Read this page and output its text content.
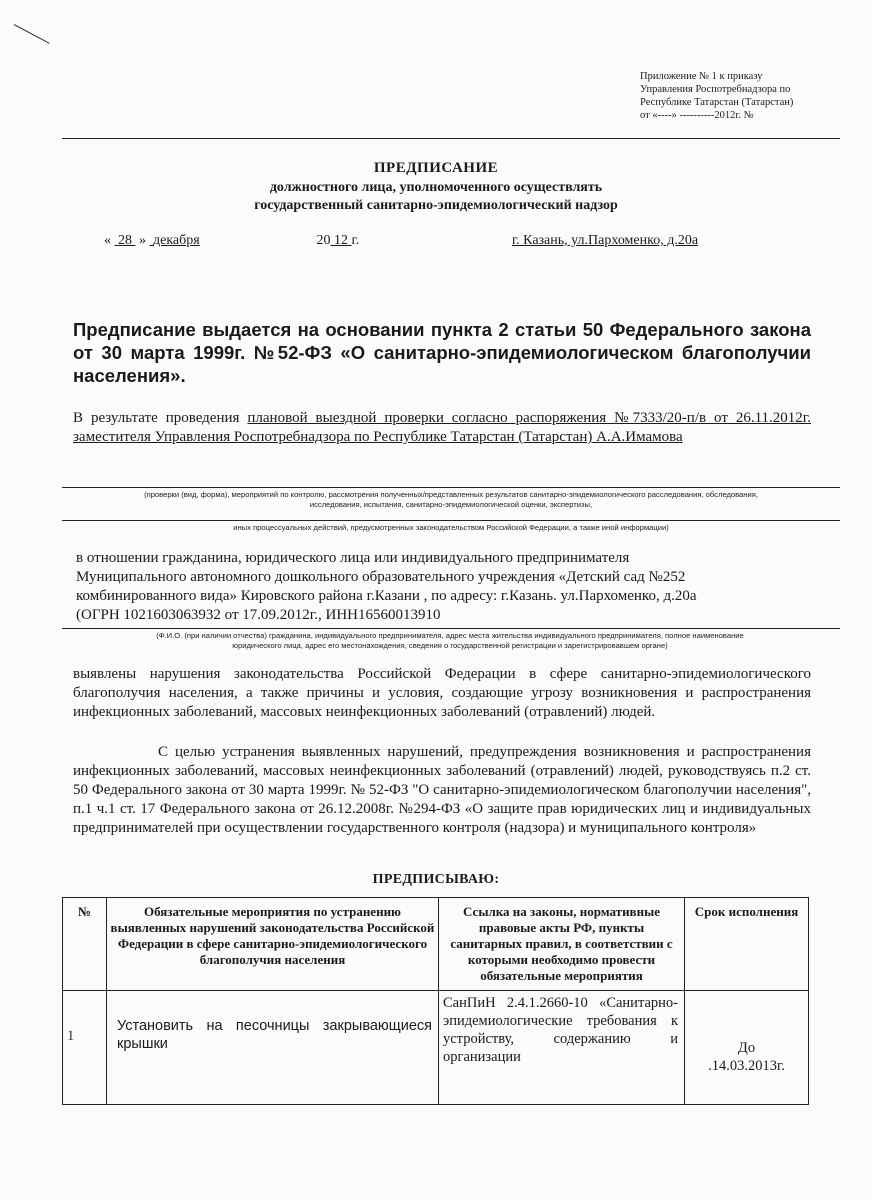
Приложение № 1 к приказу
Управления Роспотребнадзора по
Республике Татарстан (Татарстан)
от «----» ----------2012г. №
ПРЕДПИСАНИЕ
должностного лица, уполномоченного осуществлять
государственный санитарно-эпидемиологический надзор
« 28 » декабря	20 12 г.	г. Казань, ул.Пархоменко, д.20а
Предписание выдается на основании пункта 2 статьи 50 Федерального закона от 30 марта 1999г. №52-ФЗ «О санитарно-эпидемиологическом благополучии населения».
В результате проведения плановой выездной проверки согласно распоряжения №7333/20-п/в от 26.11.2012г. заместителя Управления Роспотребнадзора по Республике Татарстан (Татарстан) А.А.Имамова
(проверки (вид, форма), мероприятий по контролю, рассмотрения полученных/представленных результатов санитарно-эпидемиологического расследования, обследования,
исследования, испытания, санитарно-эпидемиологической оценки, экспертизы,
иных процессуальных действий, предусмотренных законодательством Российской Федерации, а также иной информации)
в отношении гражданина, юридического лица или индивидуального предпринимателя
Муниципального автономного дошкольного образовательного учреждения «Детский сад №252
комбинированного вида» Кировского района г.Казани , по адресу: г.Казань. ул.Пархоменко, д.20а
(ОГРН 1021603063932 от 17.09.2012г., ИНН16560013910
(Ф.И.О. (при наличии отчества) гражданина, индивидуального предпринимателя, адрес места жительства индивидуального предпринимателя, полное наименование
юридического лица, адрес его местонахождения, сведения о государственной регистрации и зарегистрировавшем органе)
выявлены нарушения законодательства Российской Федерации в сфере санитарно-эпидемиологического благополучия населения, а также причины и условия, создающие угрозу возникновения и распространения инфекционных заболеваний, массовых неинфекционных заболеваний (отравлений) людей.
С целью устранения выявленных нарушений, предупреждения возникновения и распространения инфекционных заболеваний, массовых неинфекционных заболеваний (отравлений) людей, руководствуясь п.2 ст. 50 Федерального закона от 30 марта 1999г. № 52-ФЗ "О санитарно-эпидемиологическом благополучии населения", п.1 ч.1 ст. 17 Федерального закона от 26.12.2008г. №294-ФЗ «О защите прав юридических лиц и индивидуальных предпринимателей при осуществлении государственного контроля (надзора) и муниципального контроля»
ПРЕДПИСЫВАЮ:
№	Обязательные мероприятия по устранению выявленных нарушений законодательства Российской Федерации в сфере санитарно-эпидемиологического благополучия населения	Ссылка на законы, нормативные правовые акты РФ, пункты санитарных правил, в соответствии с которыми необходимо провести обязательные мероприятия	Срок исполнения
1	Установить на песочницы закрывающиеся крышки	СанПиН 2.4.1.2660-10 «Санитарно-эпидемиологические требования к устройству, содержанию и организации	До
.14.03.2013г.
